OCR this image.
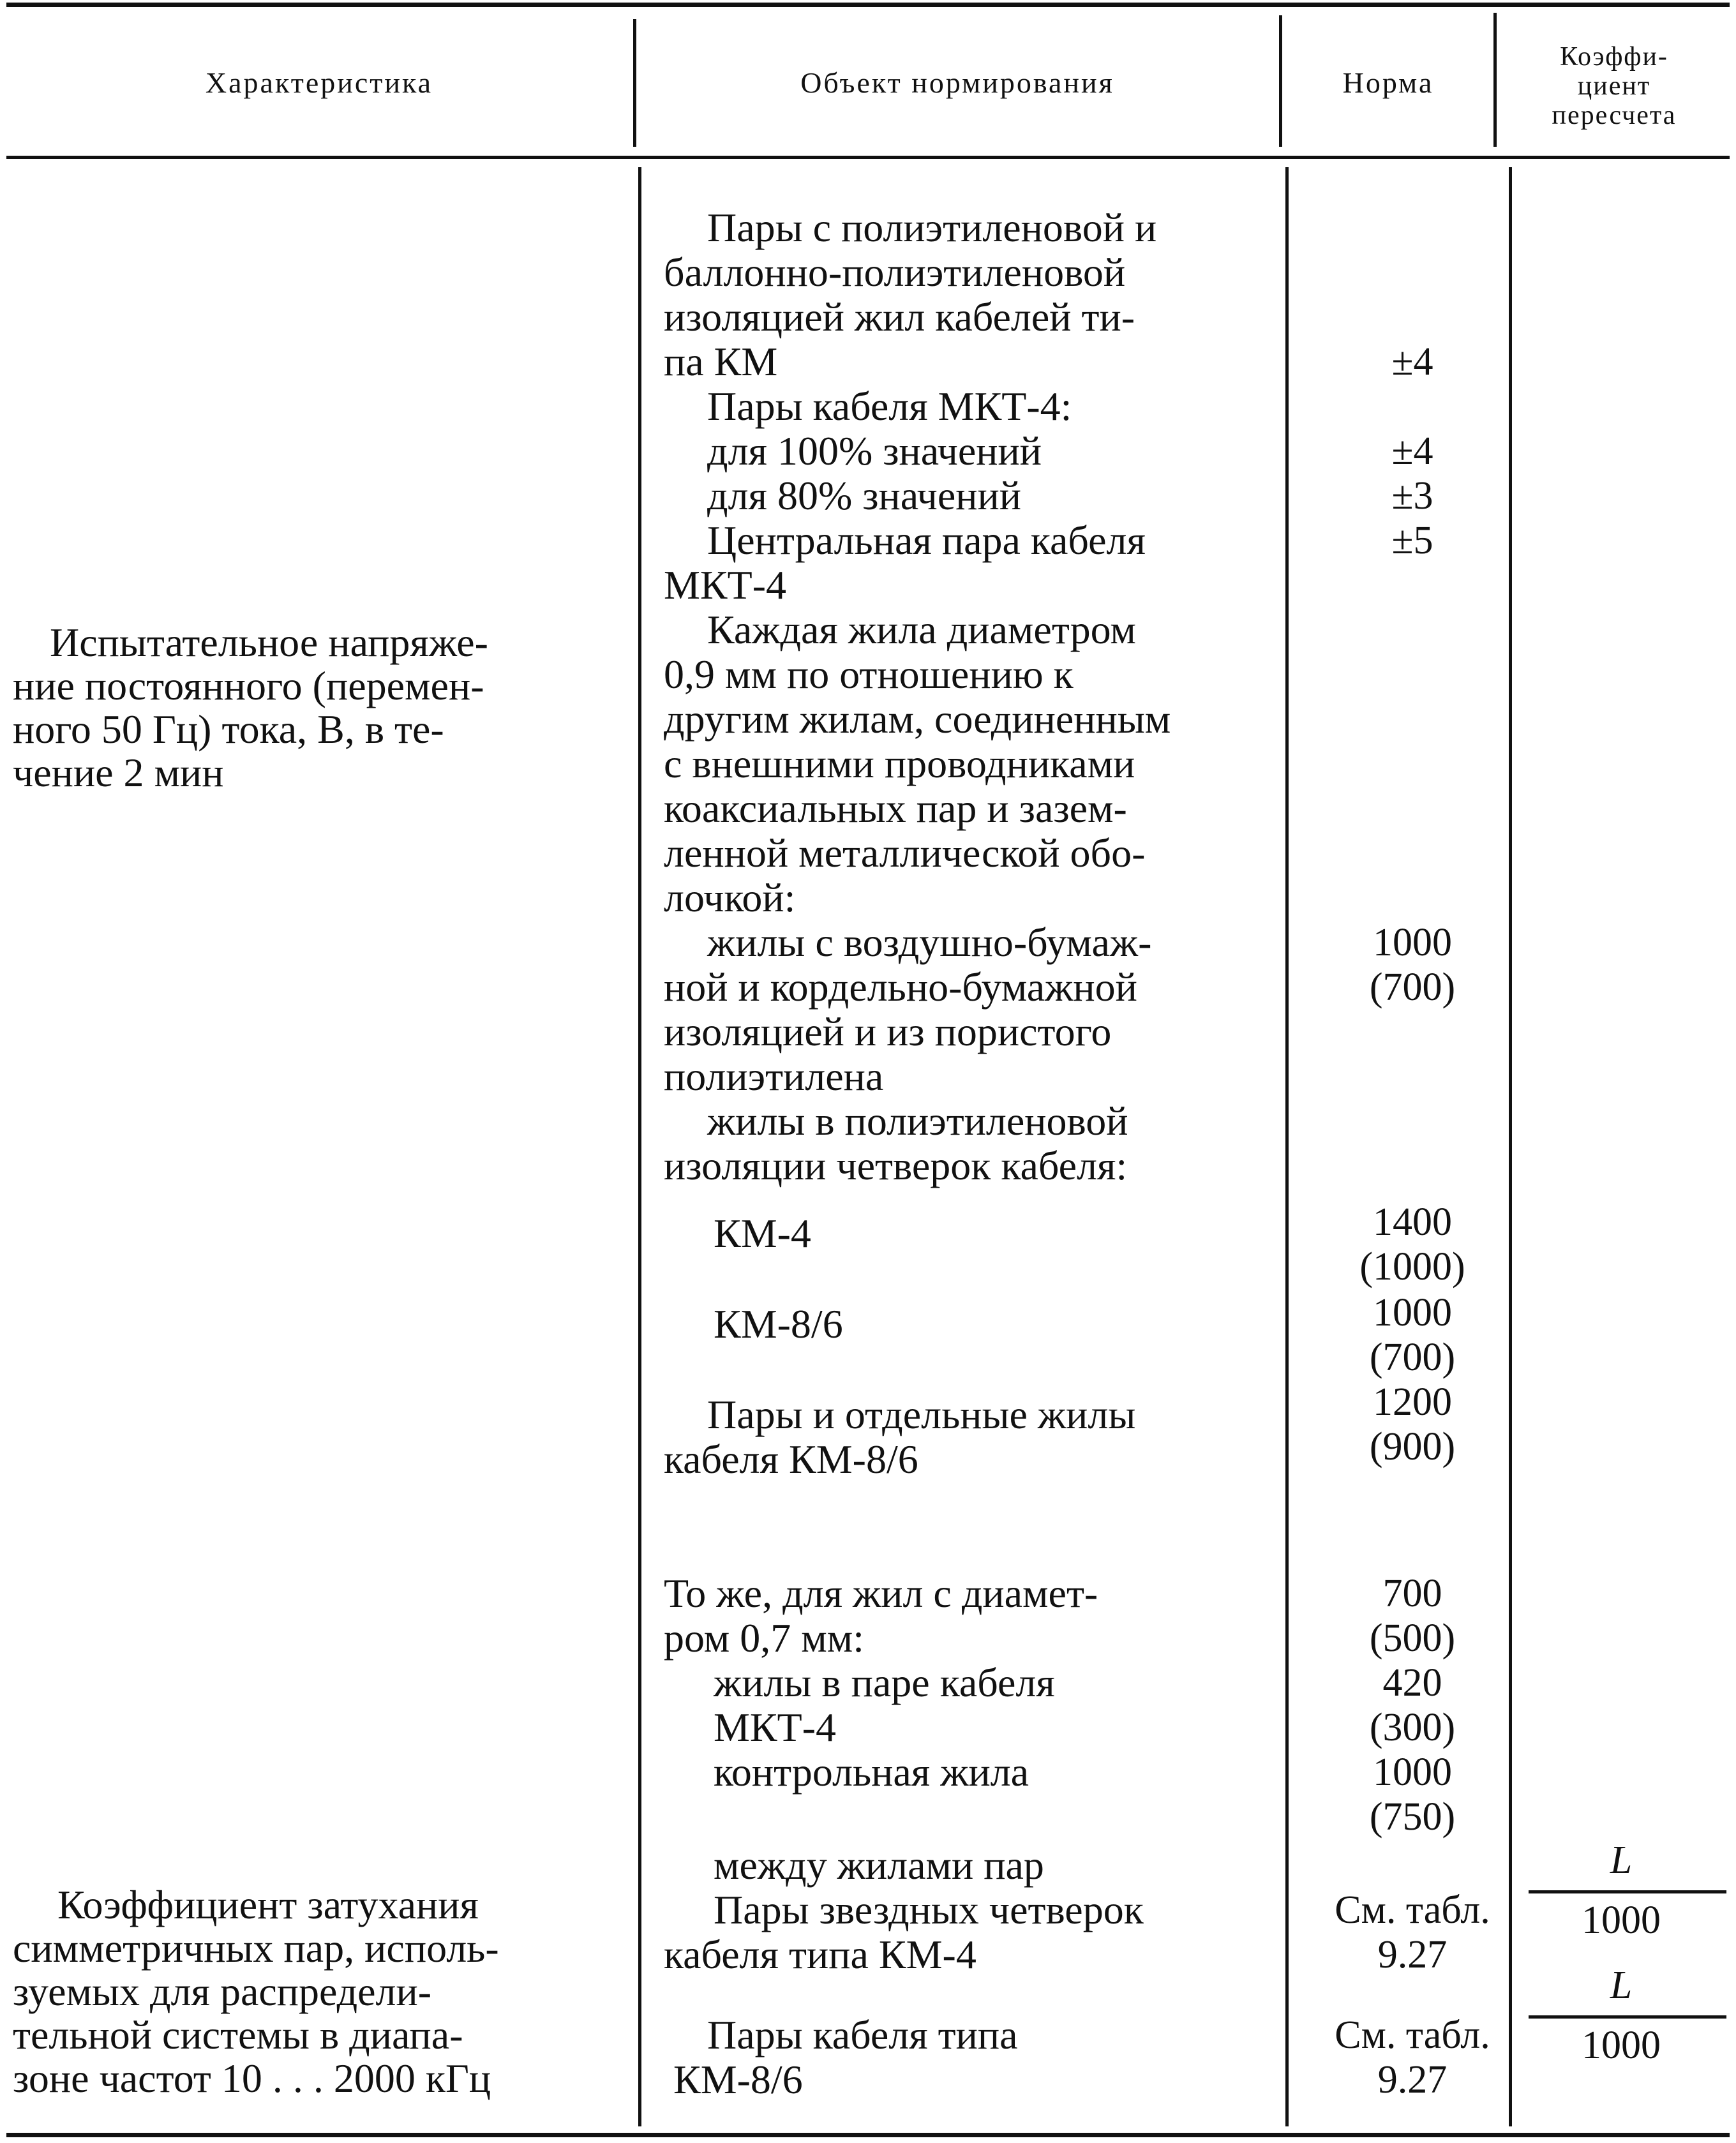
Характеристика	Объект нормирования	Норма
Коэффи-
циент
пересчета
Испытательное напряже-
ние постоянного (перемен-
ного 50 Гц) тока, В, в те-
чение 2 мин
Коэффициент затухания
симметричных пар, исполь-
зуемых для распредели-
тельной системы в диапа-
зоне частот 10 . . . 2000 кГц
Пары с полиэтиленовой и
баллонно-полиэтиленовой
изоляцией жил кабелей ти-
па КМ
Пары кабеля МКТ-4:
для 100% значений
для 80% значений
Центральная пара кабеля
МКТ-4
Каждая жила диаметром
0,9 мм по отношению к
другим жилам, соединенным
с внешними проводниками
коаксиальных пар и зазем-
ленной металлической обо-
лочкой:
жилы с воздушно-бумаж-
ной и кордельно-бумажной
изоляцией и из пористого
полиэтилена
жилы в полиэтиленовой
изоляции четверок кабеля:
КМ-4
КМ-8/6
Пары и отдельные жилы
кабеля КМ-8/6
То же, для жил с диамет-
ром 0,7 мм:
жилы в паре кабеля
МКТ-4
контрольная жила
между жилами пар
Пары звездных четверок
кабеля типа КМ-4
Пары кабеля типа
КМ-8/6
±4
±4
±3
±5
1000
(700)
1400
(1000)
1000
(700)
1200
(900)
700
(500)
420
(300)
1000
(750)
См. табл.
9.27
См. табл.
9.27
L
1000
L
1000
